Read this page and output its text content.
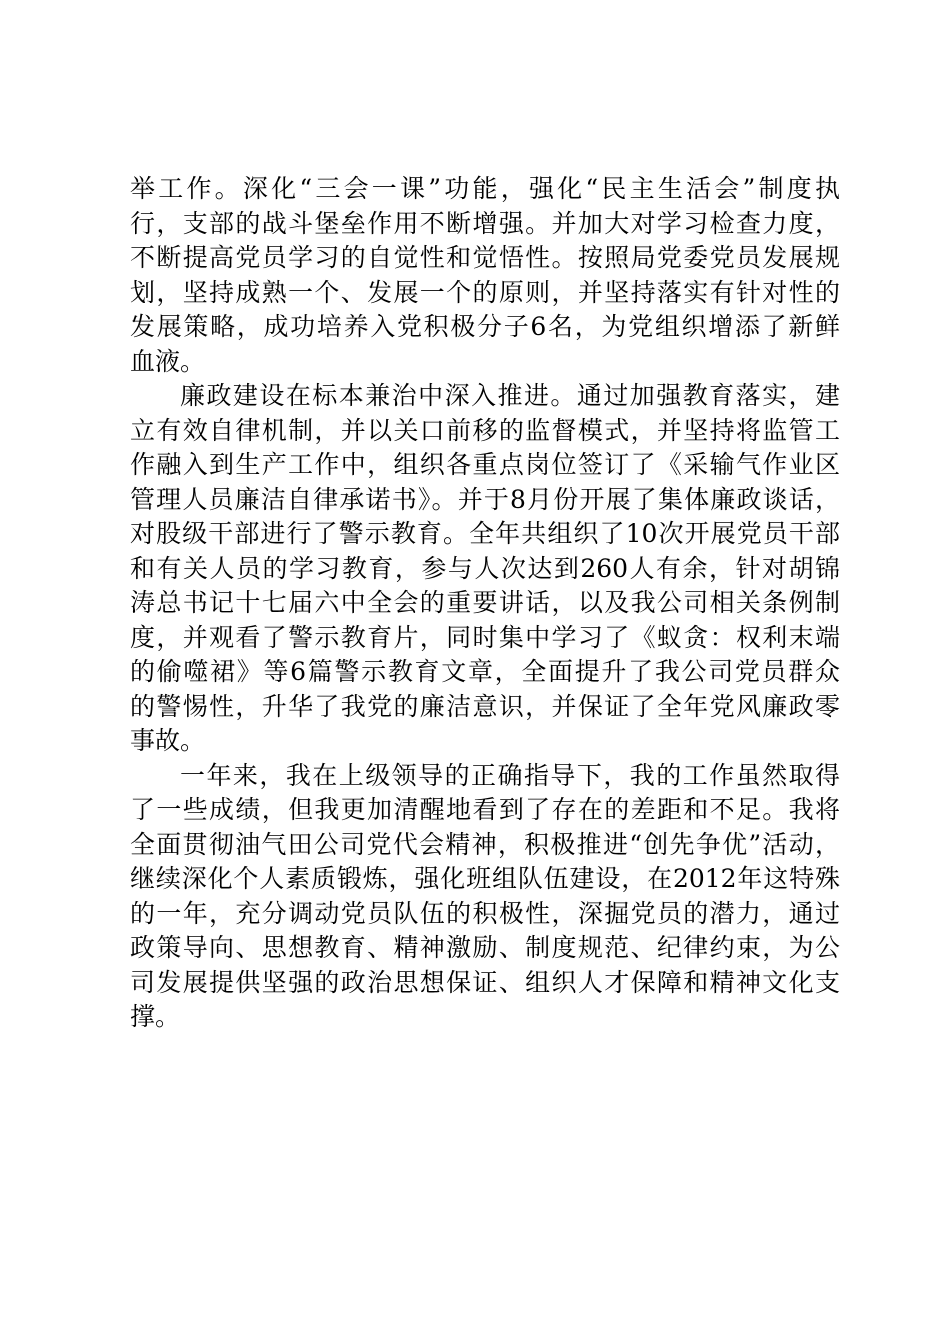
举工作。深化“三会一课”功能，强化“民主生活会”制度执
行，支部的战斗堡垒作用不断增强。并加大对学习检查力度，
不断提高党员学习的自觉性和觉悟性。按照局党委党员发展规
划，坚持成熟一个、发展一个的原则，并坚持落实有针对性的
发展策略，成功培养入党积极分子6名，为党组织增添了新鲜
血液。
廉政建设在标本兼治中深入推进。通过加强教育落实，建
立有效自律机制，并以关口前移的监督模式，并坚持将监管工
作融入到生产工作中，组织各重点岗位签订了《采输气作业区
管理人员廉洁自律承诺书》。并于8月份开展了集体廉政谈话，
对股级干部进行了警示教育。全年共组织了10次开展党员干部
和有关人员的学习教育，参与人次达到260人有余，针对胡锦
涛总书记十七届六中全会的重要讲话，以及我公司相关条例制
度，并观看了警示教育片，同时集中学习了《蚁贪：权利末端
的偷噬裙》等6篇警示教育文章，全面提升了我公司党员群众
的警惕性，升华了我党的廉洁意识，并保证了全年党风廉政零
事故。
一年来，我在上级领导的正确指导下，我的工作虽然取得
了一些成绩，但我更加清醒地看到了存在的差距和不足。我将
全面贯彻油气田公司党代会精神，积极推进“创先争优”活动，
继续深化个人素质锻炼，强化班组队伍建设，在2012年这特殊
的一年，充分调动党员队伍的积极性，深掘党员的潜力，通过
政策导向、思想教育、精神激励、制度规范、纪律约束，为公
司发展提供坚强的政治思想保证、组织人才保障和精神文化支
撑。
